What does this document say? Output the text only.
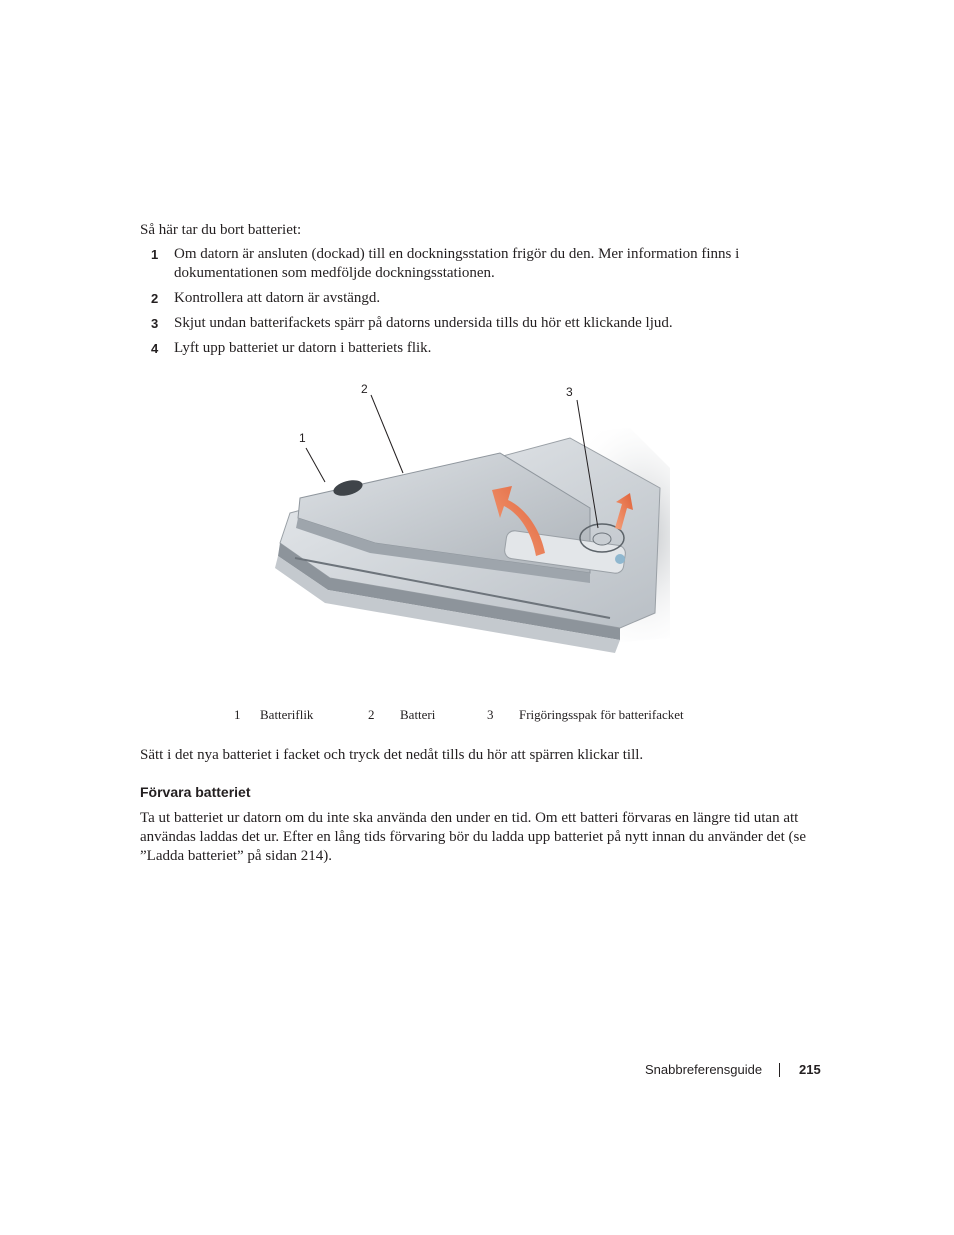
Så här tar du bort batteriet:
1 Om datorn är ansluten (dockad) till en dockningsstation frigör du den. Mer information finns i dokumentationen som medföljde dockningsstationen.
2 Kontrollera att datorn är avstängd.
3 Skjut undan batterifackets spärr på datorns undersida tills du hör ett klickande ljud.
4 Lyft upp batteriet ur datorn i batteriets flik.
1
2	3
1 Batteriflik	2 Batteri	3 Frigöringsspak för batterifacket
Sätt i det nya batteriet i facket och tryck det nedåt tills du hör att spärren klickar till.
Förvara batteriet
Ta ut batteriet ur datorn om du inte ska använda den under en tid. Om ett batteri förvaras en längre tid utan att användas laddas det ur. Efter en lång tids förvaring bör du ladda upp batteriet på nytt innan du använder det (se ”Ladda batteriet” på sidan 214).
Snabbreferensguide	215
